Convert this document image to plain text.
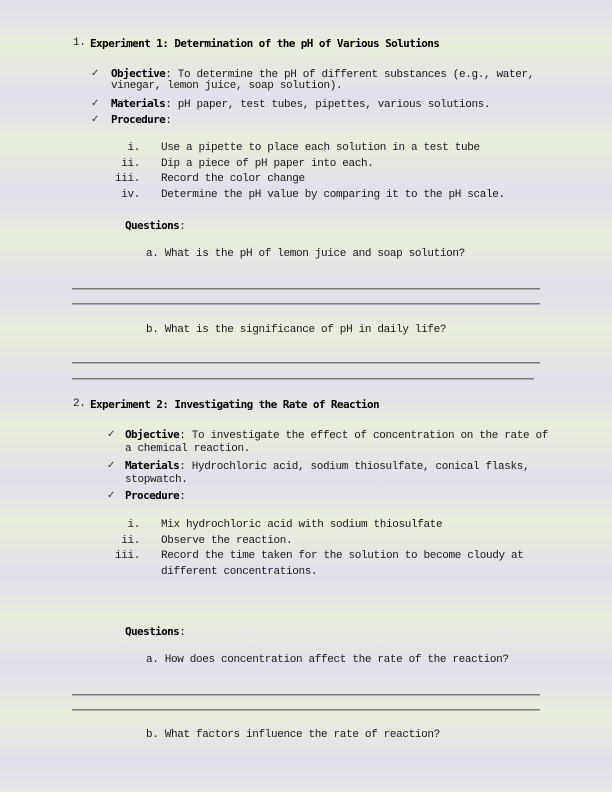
1. Experiment 1: Determination of the pH of Various Solutions
✓ Objective: To determine the pH of different substances (e.g., water,
vinegar, lemon juice, soap solution).
✓ Materials: pH paper, test tubes, pipettes, various solutions.
✓ Procedure:
i. Use a pipette to place each solution in a test tube
ii. Dip a piece of pH paper into each.
iii. Record the color change
iv. Determine the pH value by comparing it to the pH scale.
Questions:
a. What is the pH of lemon juice and soap solution?
b. What is the significance of pH in daily life?
2. Experiment 2: Investigating the Rate of Reaction
✓ Objective: To investigate the effect of concentration on the rate of
a chemical reaction.
✓ Materials: Hydrochloric acid, sodium thiosulfate, conical flasks,
stopwatch.
✓ Procedure:
i. Mix hydrochloric acid with sodium thiosulfate
ii. Observe the reaction.
iii. Record the time taken for the solution to become cloudy at
different concentrations.
Questions:
a. How does concentration affect the rate of the reaction?
b. What factors influence the rate of reaction?
